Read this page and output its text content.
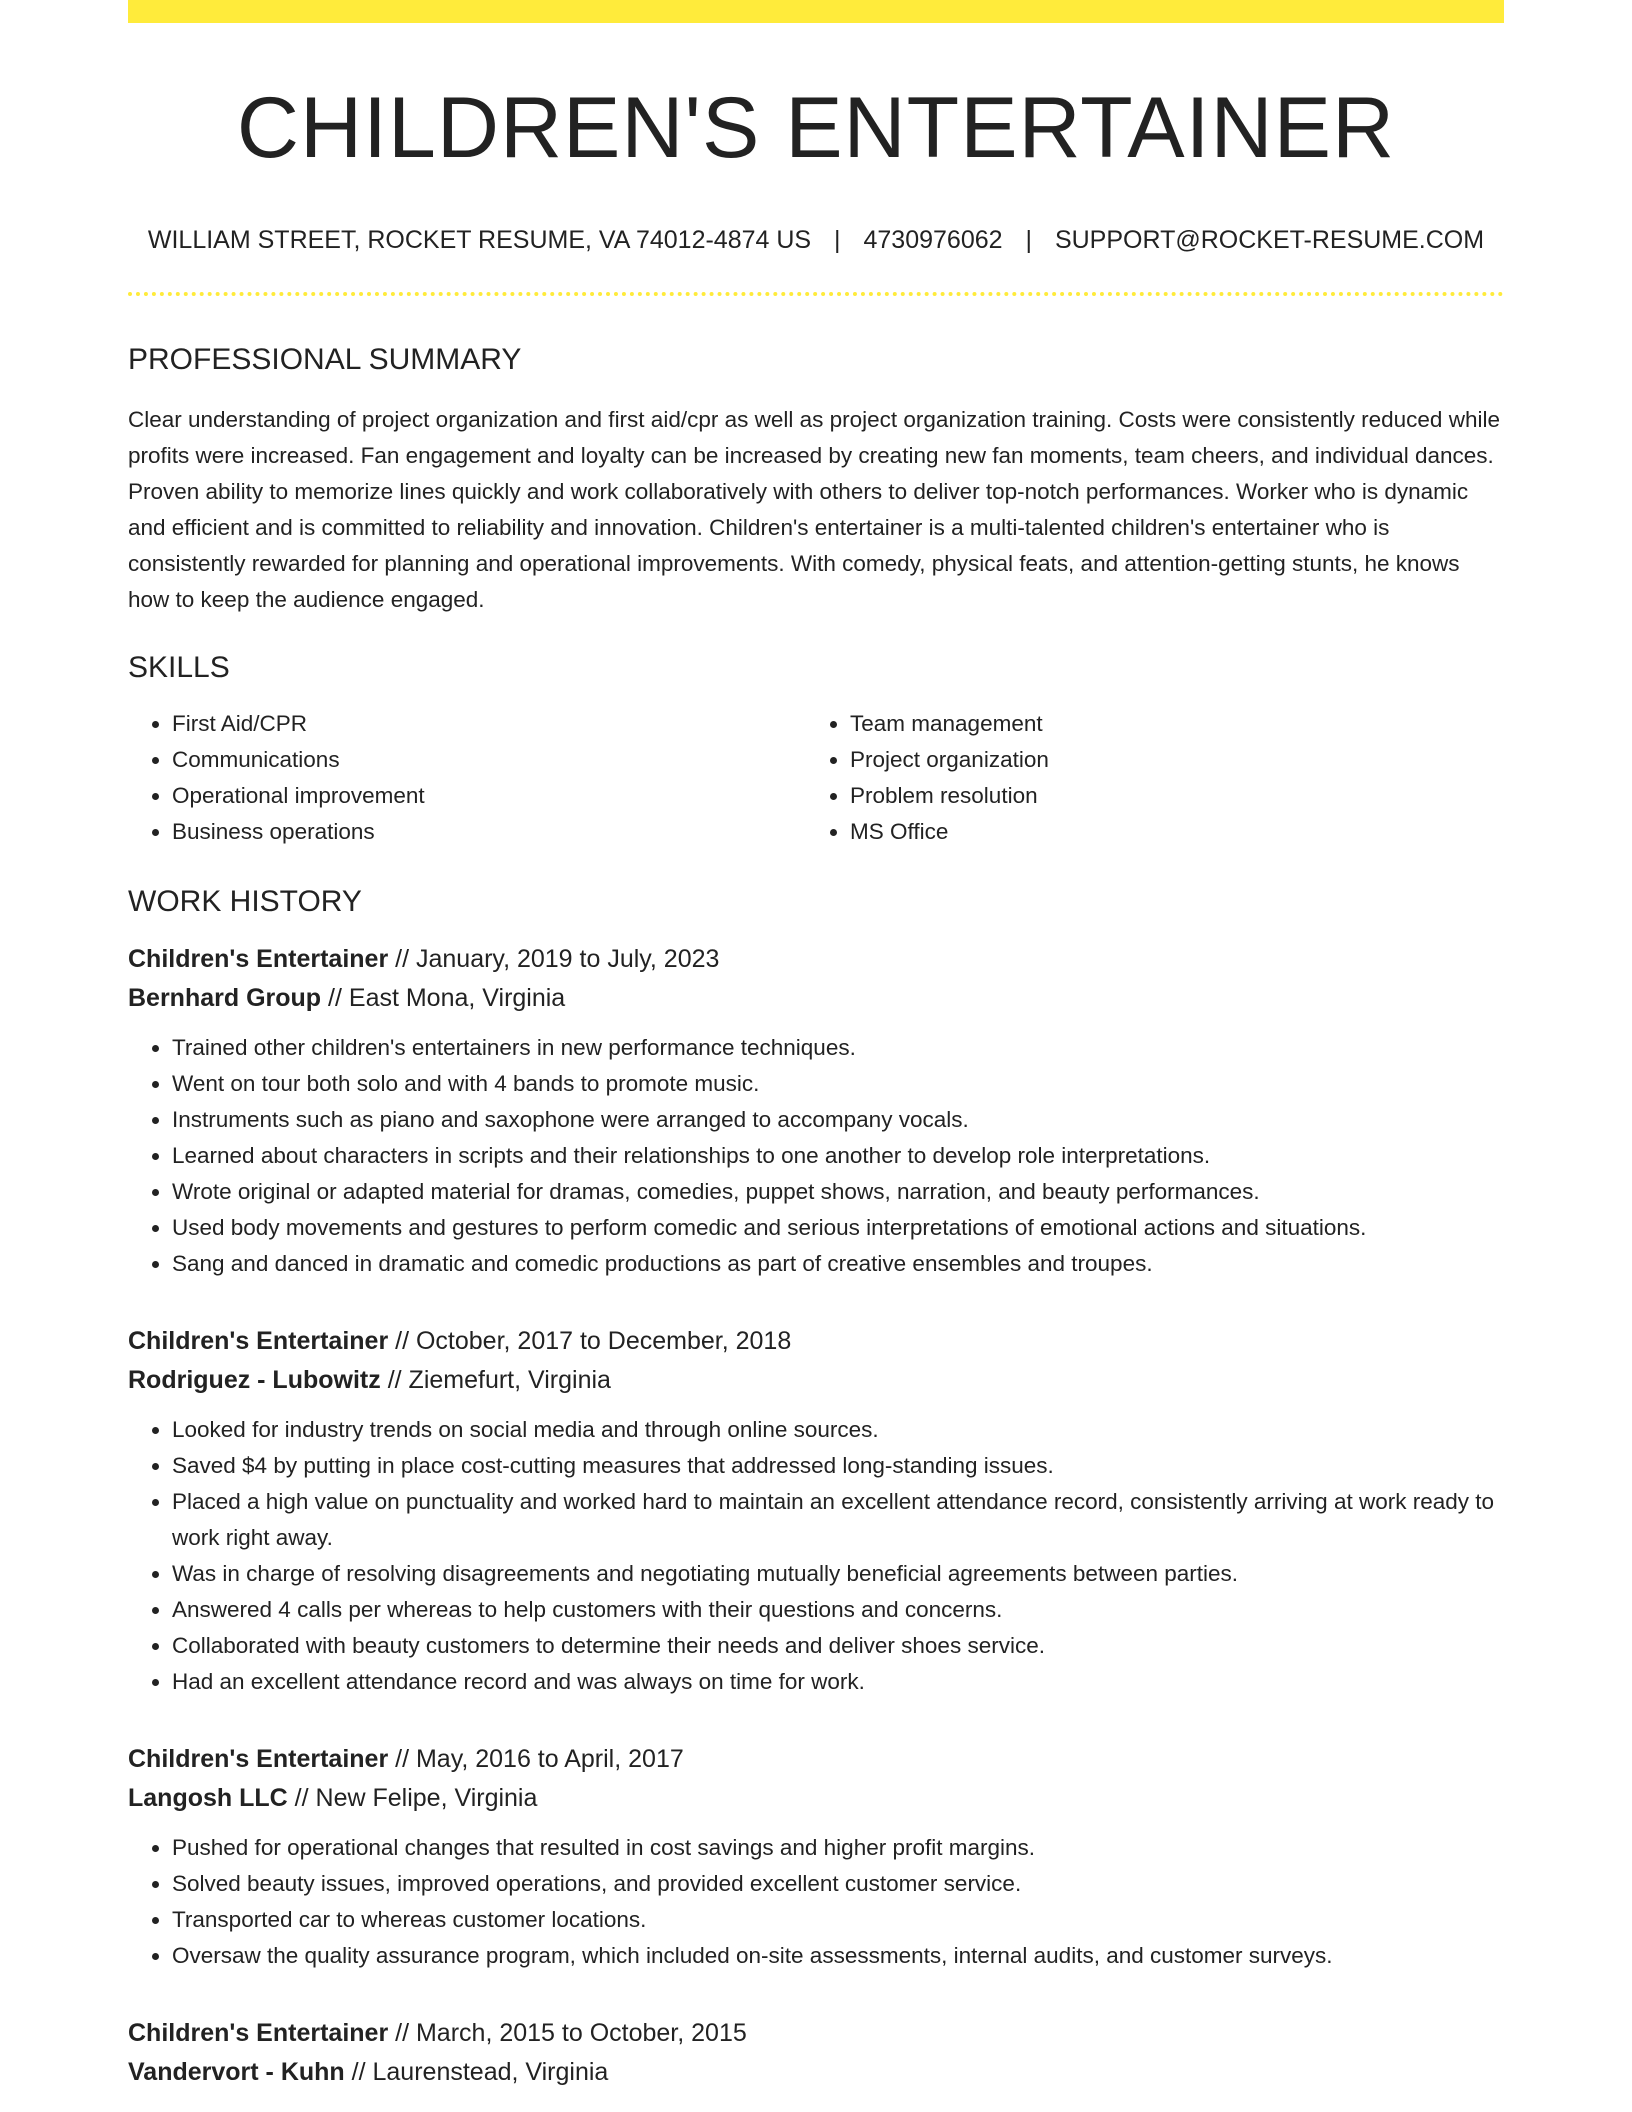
CHILDREN'S ENTERTAINER
WILLIAM STREET, ROCKET RESUME, VA 74012-4874 US | 4730976062 | SUPPORT@ROCKET-RESUME.COM
PROFESSIONAL SUMMARY

Clear understanding of project organization and first aid/cpr as well as project organization training. Costs were consistently reduced while profits were increased. Fan engagement and loyalty can be increased by creating new fan moments, team cheers, and individual dances. Proven ability to memorize lines quickly and work collaboratively with others to deliver top-notch performances. Worker who is dynamic and efficient and is committed to reliability and innovation. Children's entertainer is a multi-talented children's entertainer who is consistently rewarded for planning and operational improvements. With comedy, physical feats, and attention-getting stunts, he knows how to keep the audience engaged.

SKILLS
• First Aid/CPR
• Communications
• Operational improvement
• Business operations
• Team management
• Project organization
• Problem resolution
• MS Office
WORK HISTORY
Children's Entertainer // January, 2019 to July, 2023
Bernhard Group // East Mona, Virginia
• Trained other children's entertainers in new performance techniques.
• Went on tour both solo and with 4 bands to promote music.
• Instruments such as piano and saxophone were arranged to accompany vocals.
• Learned about characters in scripts and their relationships to one another to develop role interpretations.
• Wrote original or adapted material for dramas, comedies, puppet shows, narration, and beauty performances.
• Used body movements and gestures to perform comedic and serious interpretations of emotional actions and situations.
• Sang and danced in dramatic and comedic productions as part of creative ensembles and troupes.
Children's Entertainer // October, 2017 to December, 2018
Rodriguez - Lubowitz // Ziemefurt, Virginia
• Looked for industry trends on social media and through online sources.
• Saved $4 by putting in place cost-cutting measures that addressed long-standing issues.
• Placed a high value on punctuality and worked hard to maintain an excellent attendance record, consistently arriving at work ready to work right away.
• Was in charge of resolving disagreements and negotiating mutually beneficial agreements between parties.
• Answered 4 calls per whereas to help customers with their questions and concerns.
• Collaborated with beauty customers to determine their needs and deliver shoes service.
• Had an excellent attendance record and was always on time for work.
Children's Entertainer // May, 2016 to April, 2017
Langosh LLC // New Felipe, Virginia
• Pushed for operational changes that resulted in cost savings and higher profit margins.
• Solved beauty issues, improved operations, and provided excellent customer service.
• Transported car to whereas customer locations.
• Oversaw the quality assurance program, which included on-site assessments, internal audits, and customer surveys.
Children's Entertainer // March, 2015 to October, 2015
Vandervort - Kuhn // Laurenstead, Virginia
